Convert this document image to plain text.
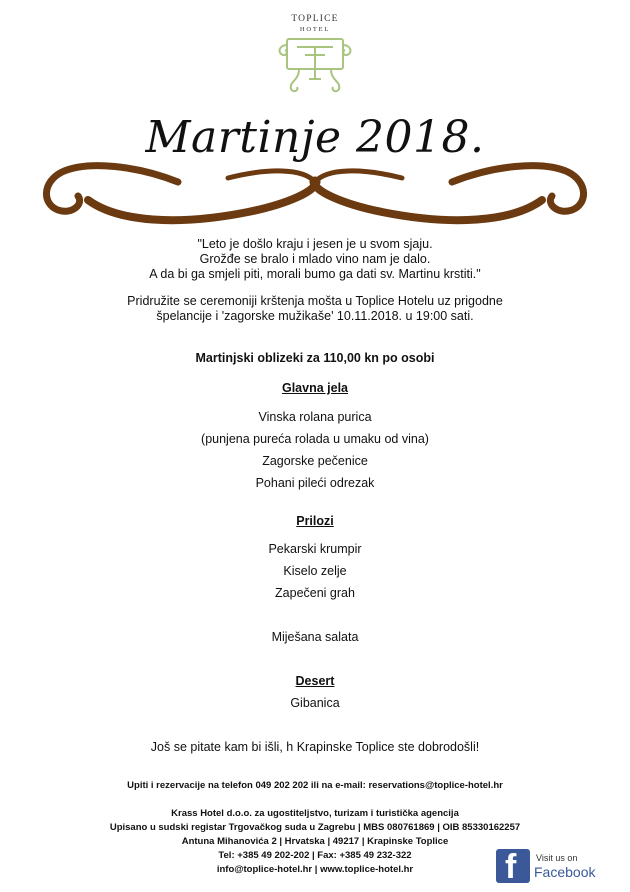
TOPLICE
HOTEL
Martinje 2018.
"Leto je došlo kraju i jesen je u svom sjaju.
Grožđe se bralo i mlado vino nam je dalo.
A da bi ga smjeli piti, morali bumo ga dati sv. Martinu krstiti."
Pridružite se ceremoniji krštenja mošta u Toplice Hotelu uz prigodne
špelancije i 'zagorske mužikaše' 10.11.2018. u 19:00 sati.
Martinjski oblizeki za 110,00 kn po osobi
Glavna jela
Vinska rolana purica
(punjena pureća rolada u umaku od vina)
Zagorske pečenice
Pohani pileći odrezak
Prilozi
Pekarski krumpir
Kiselo zelje
Zapečeni grah
Miješana salata
Desert
Gibanica
Još se pitate kam bi išli, h Krapinske Toplice ste dobrodošli!
Upiti i rezervacije na telefon 049 202 202 ili na e-mail: reservations@toplice-hotel.hr
Krass Hotel d.o.o. za ugostiteljstvo, turizam i turistička agencija
Upisano u sudski registar Trgovačkog suda u Zagrebu | MBS 080761869 | OIB 85330162257
Antuna Mihanovića 2 | Hrvatska | 49217 | Krapinske Toplice
Tel: +385 49 202-202 | Fax: +385 49 232-322
info@toplice-hotel.hr | www.toplice-hotel.hr	f Visit us on
Facebook
